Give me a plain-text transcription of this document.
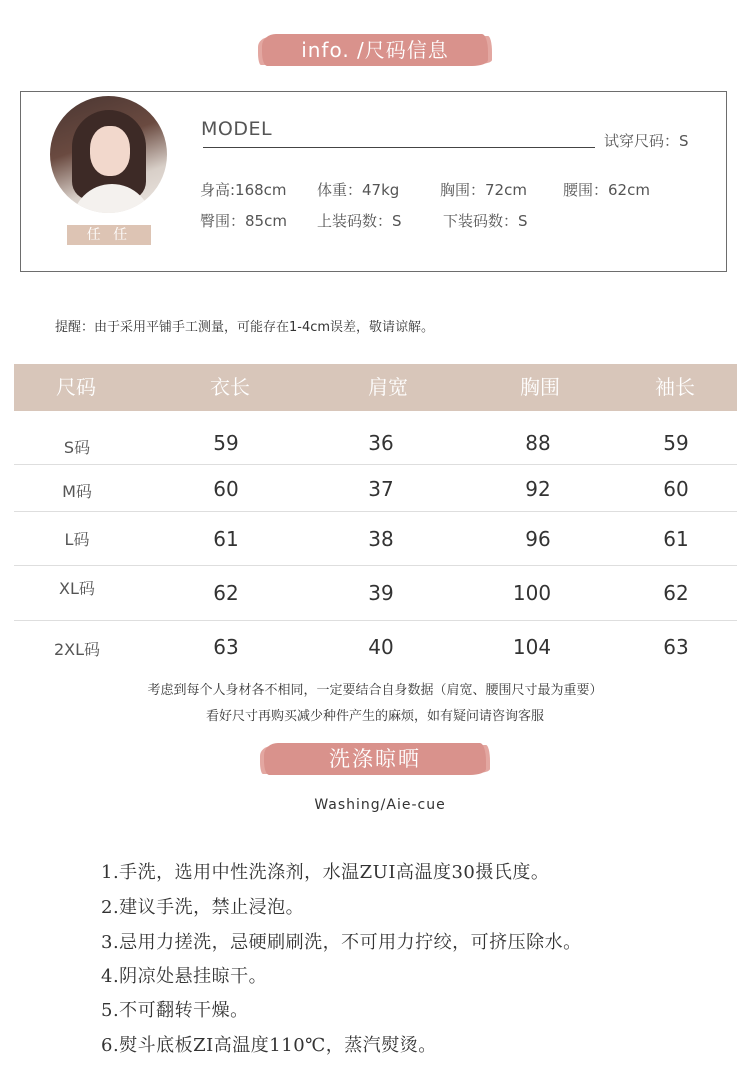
info. /尺码信息
任 任
MODEL
试穿尺码：S
身高:168cm 体重：47kg	胸围：72cm 腰围：62cm
臀围：85cm 上装码数：S	下装码数：S
提醒：由于采用平铺手工测量，可能存在1-4cm误差，敬请谅解。
尺码	衣长	肩宽	胸围	袖长
S码	59	36	88	59
M码	60	37	92	60
L码	61	38	96	61
XL码	62	39	100	62
2XL码	63	40	104	63
考虑到每个人身材各不相同，一定要结合自身数据（肩宽、腰围尺寸最为重要）
看好尺寸再购买减少种件产生的麻烦，如有疑问请咨询客服
洗涤晾晒
Washing/Aie-cue
1.手洗，选用中性洗涤剂，水温ZUI高温度30摄氏度。
2.建议手洗，禁止浸泡。
3.忌用力搓洗，忌硬刷刷洗，不可用力拧绞，可挤压除水。
4.阴凉处悬挂晾干。
5.不可翻转干燥。
6.熨斗底板ZI高温度110℃，蒸汽熨烫。
